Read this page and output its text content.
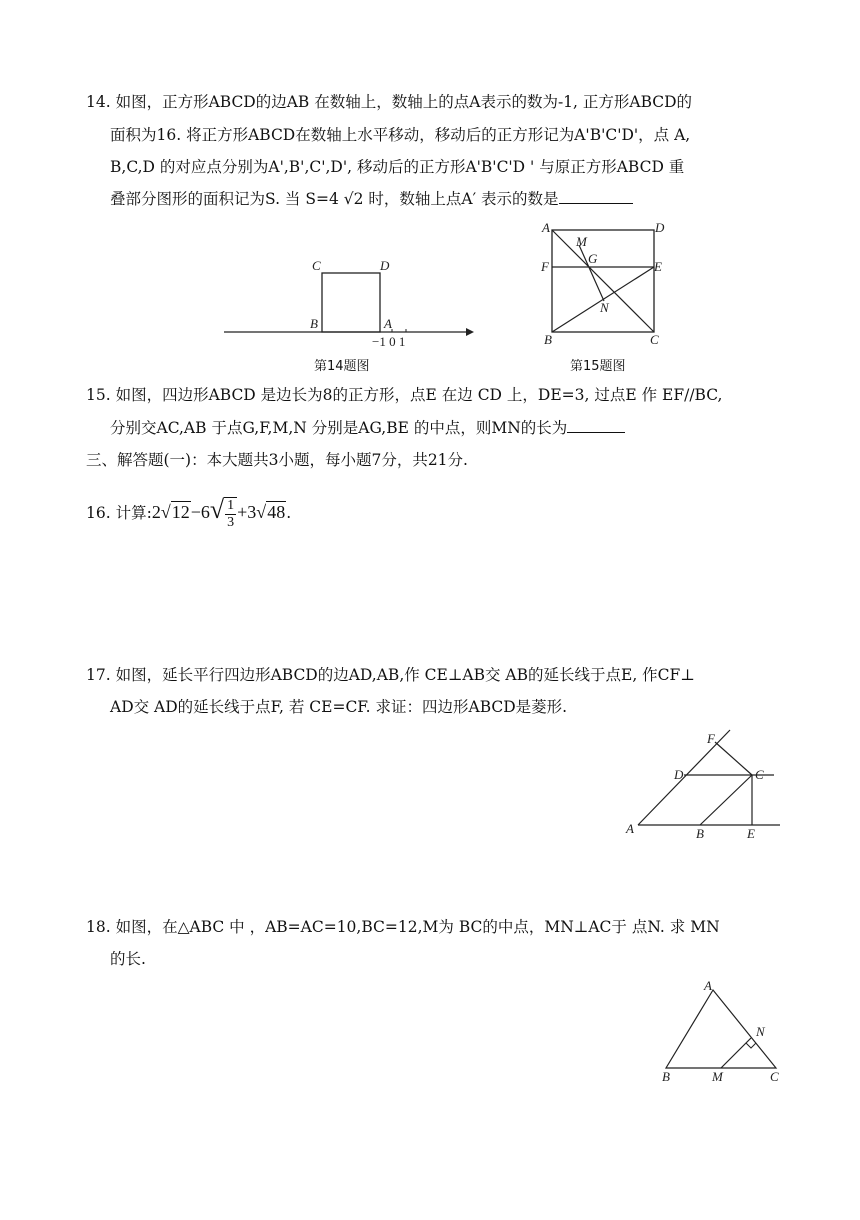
14. 如图，正方形ABCD的边AB 在数轴上，数轴上的点A表示的数为-1, 正方形ABCD的
面积为16. 将正方形ABCD在数轴上水平移动，移动后的正方形记为A'B'C'D'，点 A,
B,C,D 的对应点分别为A',B',C',D', 移动后的正方形A'B'C'D ' 与原正方形ABCD 重
叠部分图形的面积记为S. 当 S=4 √2 时，数轴上点A′ 表示的数是
C	D
B	A
−1 0 1
第14题图
A	D
M
G
F	E
N
B	C
第15题图
15. 如图，四边形ABCD 是边长为8的正方形，点E 在边 CD 上，DE=3, 过点E 作 EF//BC,
分别交AC,AB 于点G,F,M,N 分别是AG,BE 的中点，则MN的长为
三、解答题(一)：本大题共3小题，每小题7分，共21分.
16. 计算:2√12−6√ $\frac{1}{3} +3√48$.
17. 如图，延长平行四边形ABCD的边AD,AB,作 CE⊥AB交 AB的延长线于点E, 作CF⊥
AD交 AD的延长线于点F, 若 CE=CF. 求证：四边形ABCD是菱形.
F
D	C
A	B	E
18. 如图，在△ABC 中 ，AB=AC=10,BC=12,M为 BC的中点，MN⊥AC于 点N. 求 MN
的长.
A
N
B	M	C
